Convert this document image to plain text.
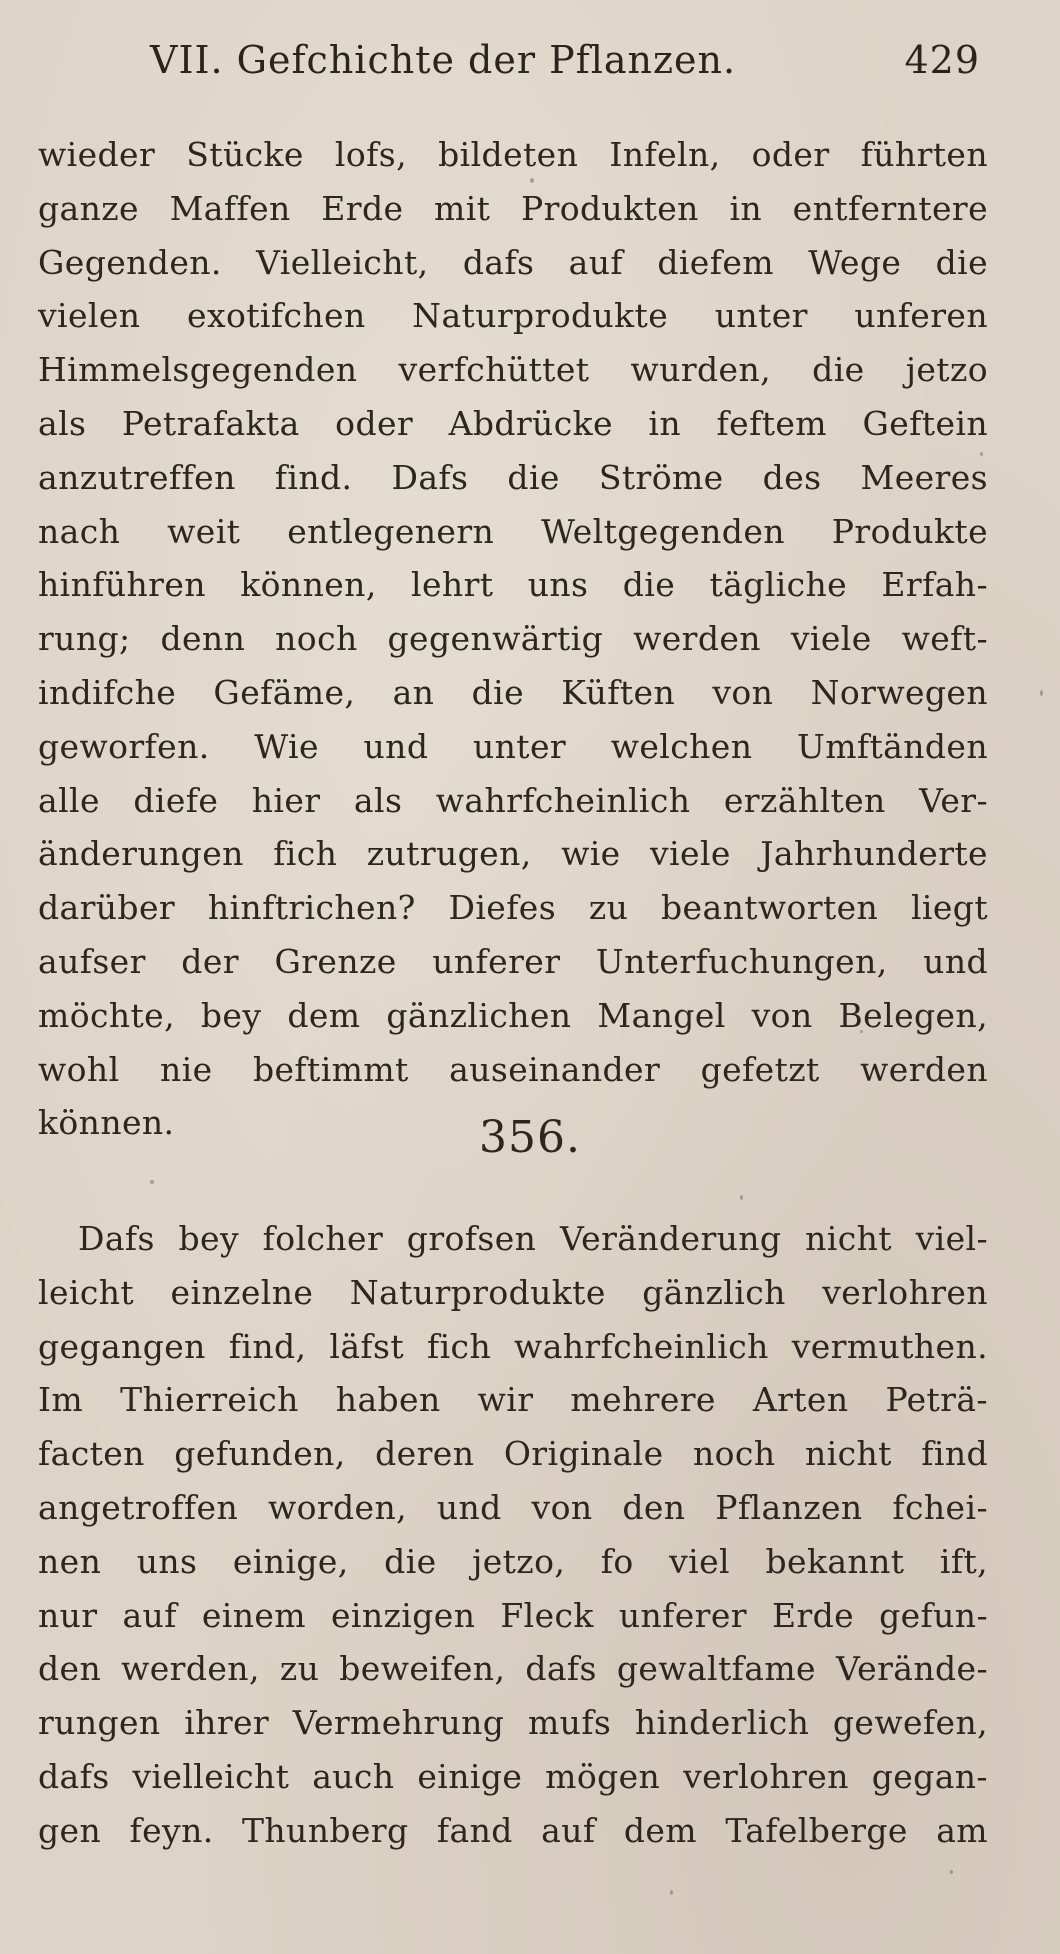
VII. Gefchichte der Pflanzen.	429
wieder Stücke lofs, bildeten Infeln, oder führten
ganze Maffen Erde mit Produkten in entferntere
Gegenden. Vielleicht, dafs auf diefem Wege die
vielen exotifchen Naturprodukte unter unferen
Himmelsgegenden verfchüttet wurden, die jetzo
als Petrafakta oder Abdrücke in feftem Geftein
anzutreffen find. Dafs die Ströme des Meeres
nach weit entlegenern Weltgegenden Produkte
hinführen können, lehrt uns die tägliche Erfah-
rung; denn noch gegenwärtig werden viele weft-
indifche Gefäme, an die Küften von Norwegen
geworfen. Wie und unter welchen Umftänden
alle diefe hier als wahrfcheinlich erzählten Ver-
änderungen fich zutrugen, wie viele Jahrhunderte
darüber hinftrichen? Diefes zu beantworten liegt
aufser der Grenze unferer Unterfuchungen, und
möchte, bey dem gänzlichen Mangel von Belegen,
wohl nie beftimmt auseinander gefetzt werden
können.	356.
Dafs bey folcher grofsen Veränderung nicht viel-
leicht einzelne Naturprodukte gänzlich verlohren
gegangen find, läfst fich wahrfcheinlich vermuthen.
Im Thierreich haben wir mehrere Arten Peträ-
facten gefunden, deren Originale noch nicht find
angetroffen worden, und von den Pflanzen fchei-
nen uns einige, die jetzo, fo viel bekannt ift,
nur auf einem einzigen Fleck unferer Erde gefun-
den werden, zu beweifen, dafs gewaltfame Verände-
rungen ihrer Vermehrung mufs hinderlich gewefen,
dafs vielleicht auch einige mögen verlohren gegan-
gen feyn. Thunberg fand auf dem Tafelberge am
